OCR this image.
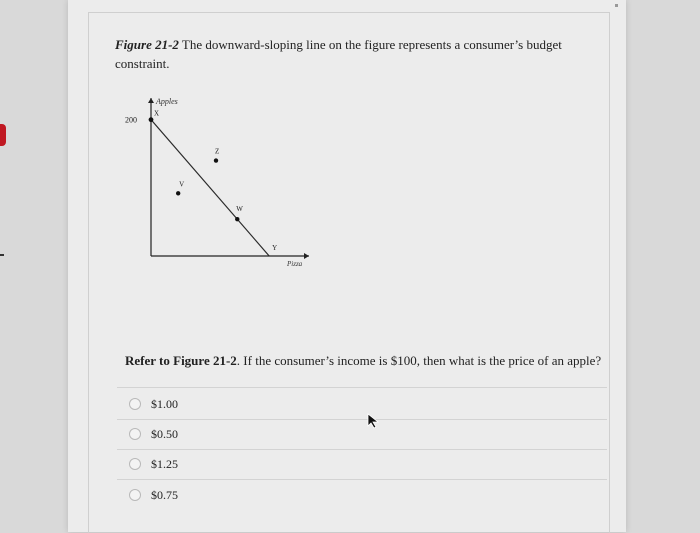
Figure 21-2 The downward-sloping line on the figure represents a consumer’s budget constraint.
Apples
Pizza
200
X
Y
W
Z
V
Refer to Figure 21-2. If the consumer’s income is $100, then what is the price of an apple?
$1.00
$0.50
$1.25
$0.75
